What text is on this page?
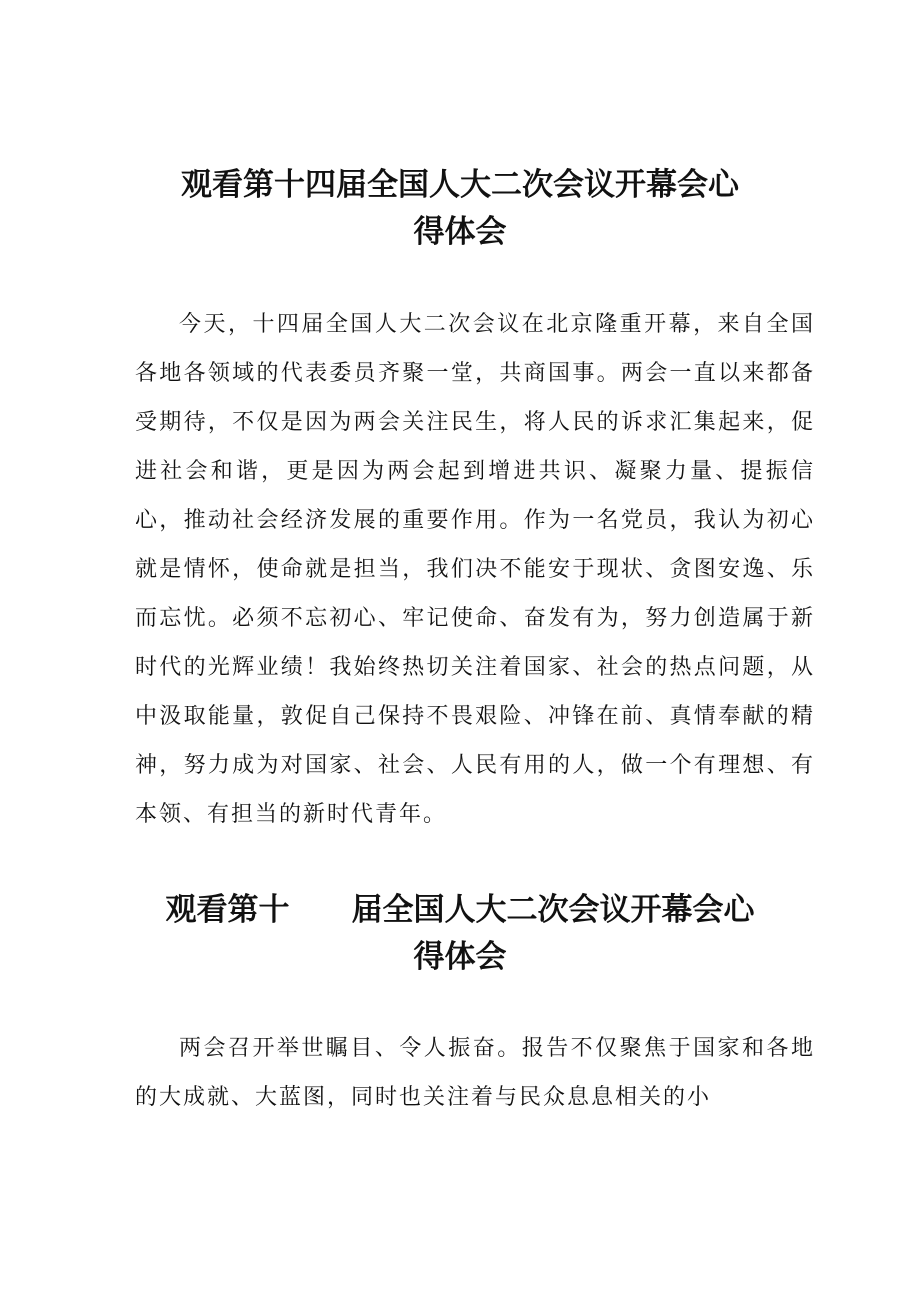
观看第十四届全国人大二次会议开幕会心
得体会

今天，十四届全国人大二次会议在北京隆重开幕，来自全国各地各领域的代表委员齐聚一堂，共商国事。两会一直以来都备受期待，不仅是因为两会关注民生，将人民的诉求汇集起来，促进社会和谐，更是因为两会起到增进共识、凝聚力量、提振信心，推动社会经济发展的重要作用。作为一名党员，我认为初心就是情怀，使命就是担当，我们决不能安于现状、贪图安逸、乐而忘忧。必须不忘初心、牢记使命、奋发有为，努力创造属于新时代的光辉业绩！我始终热切关注着国家、社会的热点问题，从中汲取能量，敦促自己保持不畏艰险、冲锋在前、真情奉献的精神，努力成为对国家、社会、人民有用的人，做一个有理想、有本领、有担当的新时代青年。

观看第十　　届全国人大二次会议开幕会心
得体会

两会召开举世瞩目、令人振奋。报告不仅聚焦于国家和各地的大成就、大蓝图，同时也关注着与民众息息相关的小
